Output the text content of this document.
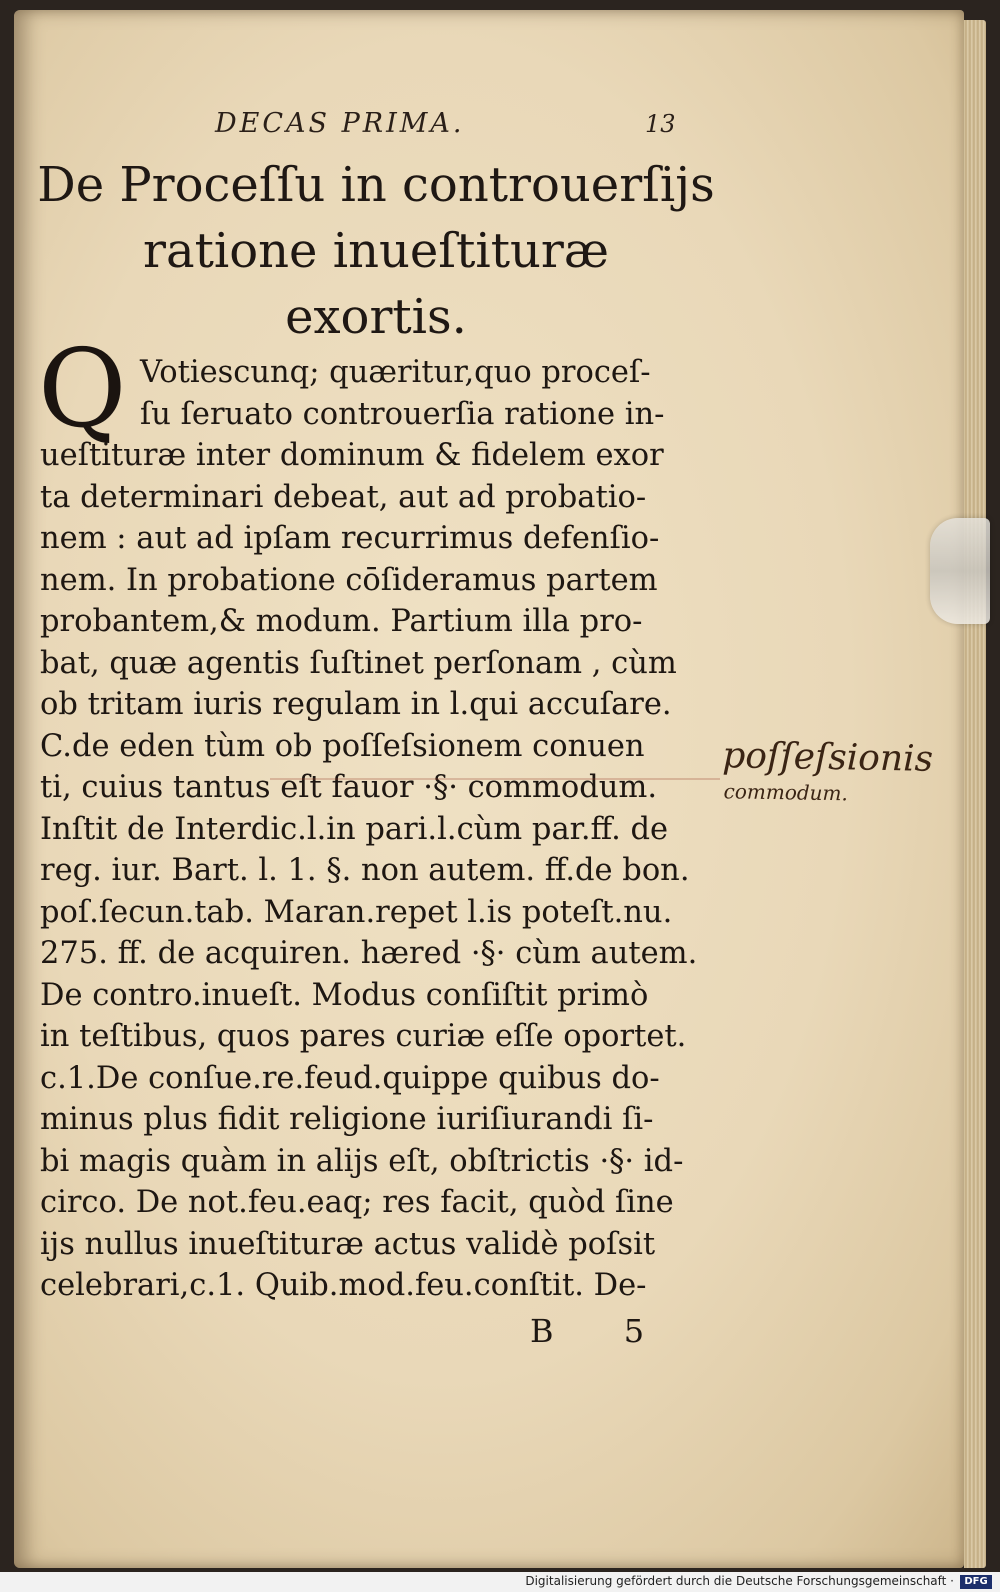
DECAS PRIMA.	13
De Proceſſu in controuerſijs
ratione inueſtituræ
exortis.
Q Votiescunq; quæritur,quo proceſ-
ſu ſeruato controuerſia ratione in-
ueſtituræ inter dominum & fidelem exor
ta determinari debeat, aut ad probatio-
nem : aut ad ipſam recurrimus defenſio-
nem. In probatione cōſideramus partem
probantem,& modum. Partium illa pro-
bat, quæ agentis ſuſtinet perſonam , cùm
ob tritam iuris regulam in l.qui accuſare.
C.de eden tùm ob poſſeſsionem conuen
ti, cuius tantus eſt fauor ·§· commodum.
Inſtit de Interdic.l.in pari.l.cùm par.ff. de
reg. iur. Bart. l. 1. §. non autem. ff.de bon.
poſ.ſecun.tab. Maran.repet l.is poteſt.nu.
275. ff. de acquiren. hæred ·§· cùm autem.
De contro.inueſt. Modus conſiſtit primò
in teſtibus, quos pares curiæ eſſe oportet.
c.1.De conſue.re.feud.quippe quibus do-
minus plus fidit religione iuriſiurandi ſi-
bi magis quàm in alijs eſt, obſtrictis ·§· id-
circo. De not.feu.eaq; res facit, quòd ſine
ijs nullus inueſtituræ actus validè poſsit
celebrari,c.1. Quib.mod.feu.conſtit. De-
B 5
poſſeſsionis
commodum.
Digitalisierung gefördert durch die Deutsche Forschungsgemeinschaft ·	DFG
